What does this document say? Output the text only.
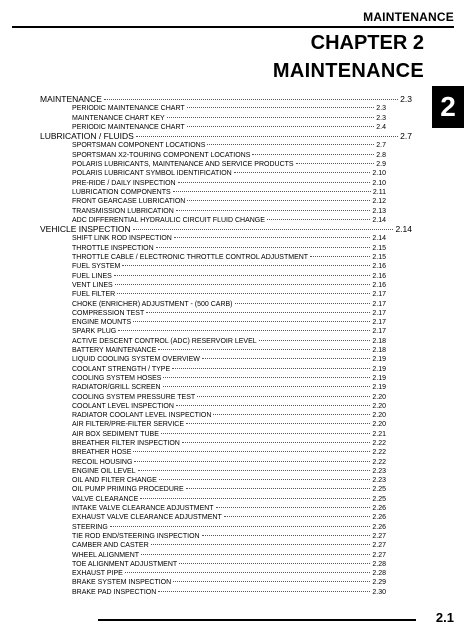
MAINTENANCE
CHAPTER 2
MAINTENANCE
2
MAINTENANCE	2.3
PERIODIC MAINTENANCE CHART	2.3
MAINTENANCE CHART KEY	2.3
PERIODIC MAINTENANCE CHART	2.4
LUBRICATION / FLUIDS	2.7
SPORTSMAN COMPONENT LOCATIONS	2.7
SPORTSMAN X2-TOURING COMPONENT LOCATIONS	2.8
POLARIS LUBRICANTS, MAINTENANCE AND SERVICE PRODUCTS	2.9
POLARIS LUBRICANT SYMBOL IDENTIFICATION	2.10
PRE-RIDE / DAILY INSPECTION	2.10
LUBRICATION COMPONENTS	2.11
FRONT GEARCASE LUBRICATION	2.12
TRANSMISSION LUBRICATION	2.13
ADC DIFFERENTIAL HYDRAULIC CIRCUIT FLUID CHANGE	2.14
VEHICLE INSPECTION	2.14
SHIFT LINK ROD INSPECTION	2.14
THROTTLE INSPECTION	2.15
THROTTLE CABLE / ELECTRONIC THROTTLE CONTROL ADJUSTMENT	2.15
FUEL SYSTEM	2.16
FUEL LINES	2.16
VENT LINES	2.16
FUEL FILTER	2.17
CHOKE (ENRICHER) ADJUSTMENT - (500 CARB)	2.17
COMPRESSION TEST	2.17
ENGINE MOUNTS	2.17
SPARK PLUG	2.17
ACTIVE DESCENT CONTROL (ADC) RESERVOIR LEVEL	2.18
BATTERY MAINTENANCE	2.18
LIQUID COOLING SYSTEM OVERVIEW	2.19
COOLANT STRENGTH / TYPE	2.19
COOLING SYSTEM HOSES	2.19
RADIATOR/GRILL SCREEN	2.19
COOLING SYSTEM PRESSURE TEST	2.20
COOLANT LEVEL INSPECTION	2.20
RADIATOR COOLANT LEVEL INSPECTION	2.20
AIR FILTER/PRE-FILTER SERVICE	2.20
AIR BOX SEDIMENT TUBE	2.21
BREATHER FILTER INSPECTION	2.22
BREATHER HOSE	2.22
RECOIL HOUSING	2.22
ENGINE OIL LEVEL	2.23
OIL AND FILTER CHANGE	2.23
OIL PUMP PRIMING PROCEDURE	2.25
VALVE CLEARANCE	2.25
INTAKE VALVE CLEARANCE ADJUSTMENT	2.26
EXHAUST VALVE CLEARANCE ADJUSTMENT	2.26
STEERING	2.26
TIE ROD END/STEERING INSPECTION	2.27
CAMBER AND CASTER	2.27
WHEEL ALIGNMENT	2.27
TOE ALIGNMENT ADJUSTMENT	2.28
EXHAUST PIPE	2.28
BRAKE SYSTEM INSPECTION	2.29
BRAKE PAD INSPECTION	2.30
2.1
